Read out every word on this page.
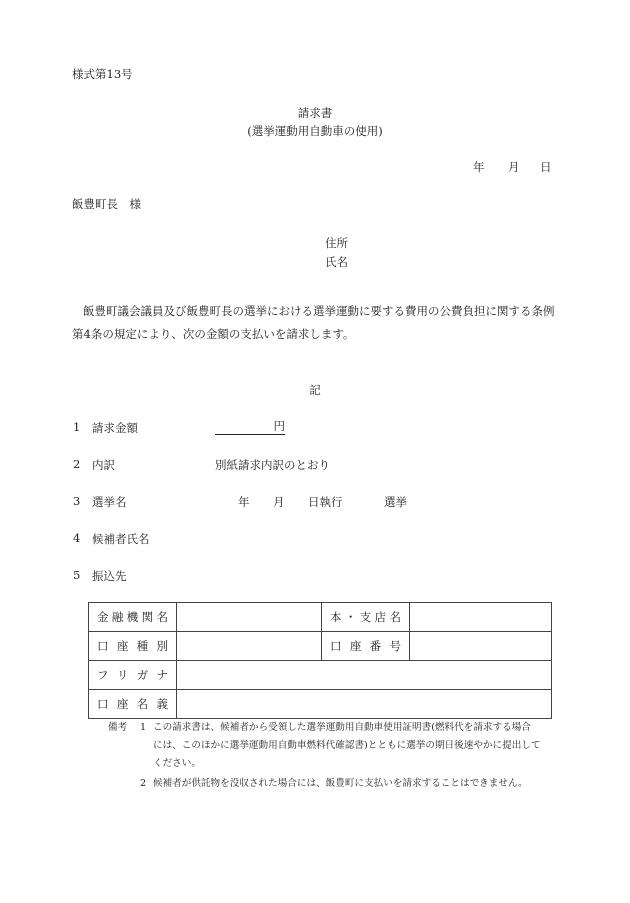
様式第13号
請求書
(選挙運動用自動車の使用)
年 月 日
飯豊町長　様
住所
氏名
飯豊町議会議員及び飯豊町長の選挙における選挙運動に要する費用の公費負担に関する条例第4条の規定により、次の金額の支払いを請求します。
記
1 請求金額	円
2 内訳	別紙請求内訳のとおり
3 選挙名	年 月 日執行	選挙
4 候補者氏名
5 振込先
金 融 機 関 名		本 ・ 支 店 名	

口 座 種 別		口 座 番 号	

フ リ ガ ナ			

口 座 名 義			

備考 1 この請求書は、候補者から受領した選挙運動用自動車使用証明書(燃料代を請求する場合
には、このほかに選挙運動用自動車燃料代確認書)とともに選挙の期日後速やかに提出して
ください。
2 候補者が供託物を没収された場合には、飯豊町に支払いを請求することはできません。
